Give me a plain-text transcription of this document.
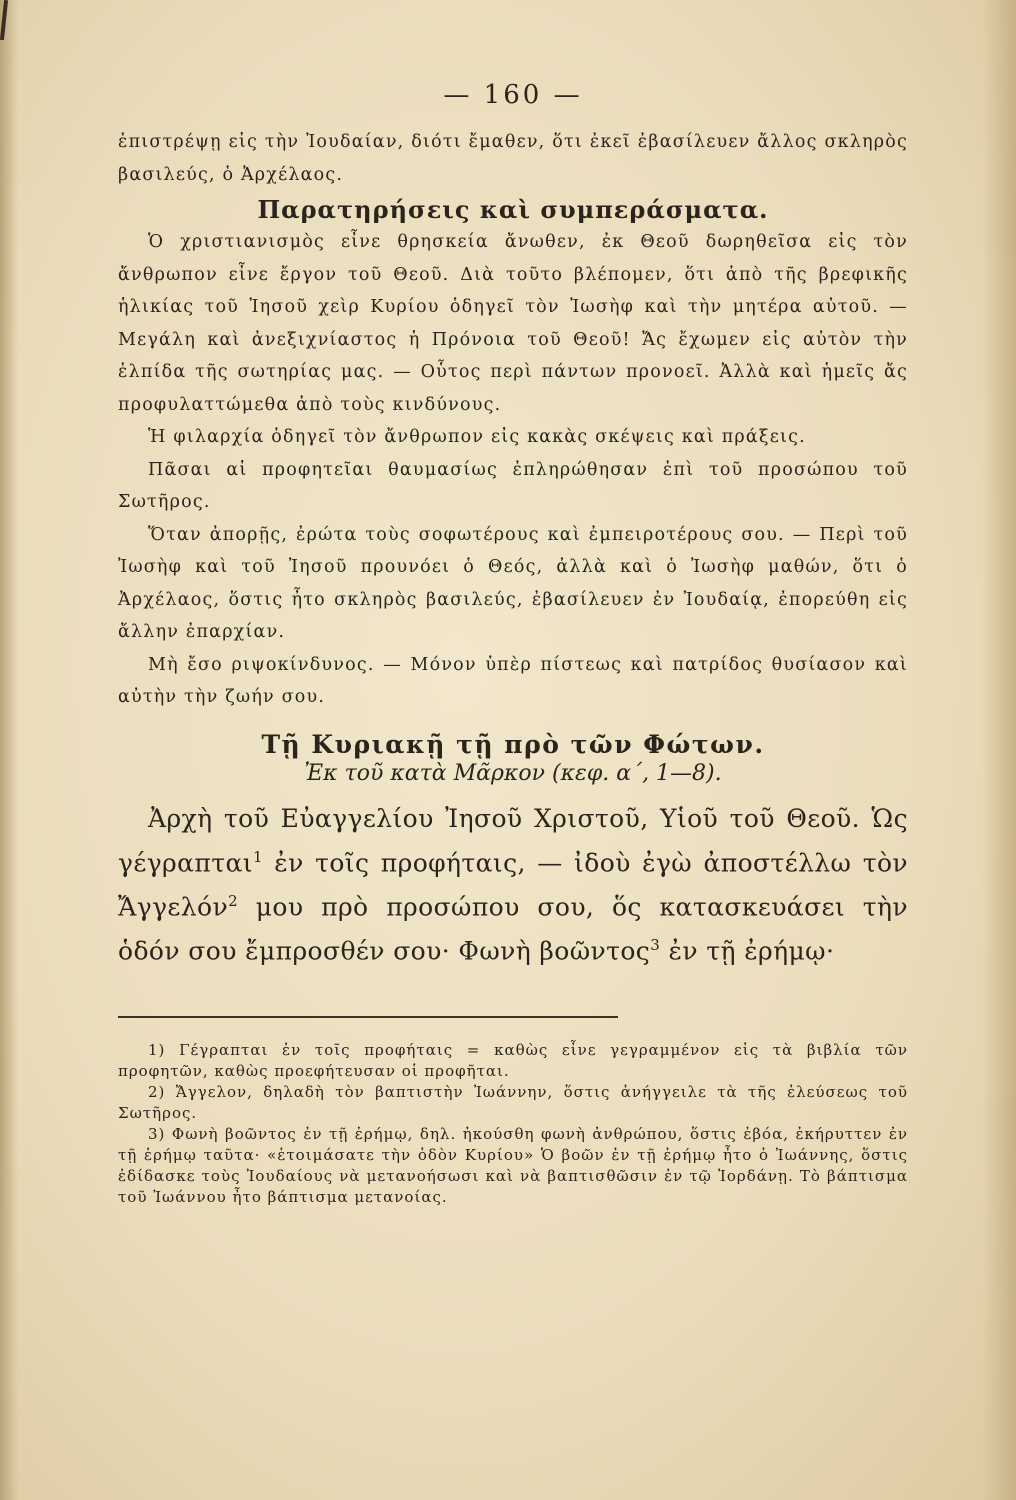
— 160 —

ἐπιστρέψῃ εἰς τὴν Ἰουδαίαν, διότι ἔμαθεν, ὅτι ἐκεῖ ἐβασίλευεν ἄλλος σκληρὸς βασιλεύς, ὁ Ἀρχέλαος.

Παρατηρήσεις καὶ συμπεράσματα.

Ὁ χριστιανισμὸς εἶνε θρησκεία ἄνωθεν, ἐκ Θεοῦ δωρηθεῖσα εἰς τὸν ἄνθρωπον εἶνε ἔργον τοῦ Θεοῦ. Διὰ τοῦτο βλέπομεν, ὅτι ἀπὸ τῆς βρεφικῆς ἡλικίας τοῦ Ἰησοῦ χεὶρ Κυρίου ὁδηγεῖ τὸν Ἰωσὴφ καὶ τὴν μητέρα αὐτοῦ. — Μεγάλη καὶ ἀνεξιχνίαστος ἡ Πρόνοια τοῦ Θεοῦ! Ἄς ἔχωμεν εἰς αὐτὸν τὴν ἐλπίδα τῆς σωτηρίας μας. — Οὗτος περὶ πάντων προνοεῖ. Ἀλλὰ καὶ ἡμεῖς ἄς προφυλαττώμεθα ἀπὸ τοὺς κινδύνους.

Ἡ φιλαρχία ὁδηγεῖ τὸν ἄνθρωπον εἰς κακὰς σκέψεις καὶ πράξεις.

Πᾶσαι αἱ προφητεῖαι θαυμασίως ἐπληρώθησαν ἐπὶ τοῦ προσώπου τοῦ Σωτῆρος.

Ὅταν ἀπορῇς, ἐρώτα τοὺς σοφωτέρους καὶ ἐμπειροτέρους σου. — Περὶ τοῦ Ἰωσὴφ καὶ τοῦ Ἰησοῦ προυνόει ὁ Θεός, ἀλλὰ καὶ ὁ Ἰωσὴφ μαθών, ὅτι ὁ Ἀρχέλαος, ὅστις ἦτο σκληρὸς βασιλεύς, ἐβασίλευεν ἐν Ἰουδαίᾳ, ἐπορεύθη εἰς ἄλλην ἐπαρχίαν.

Μὴ ἔσο ριψοκίνδυνος. — Μόνον ὑπὲρ πίστεως καὶ πατρίδος θυσίασον καὶ αὐτὴν τὴν ζωήν σου.

Τῇ Κυριακῇ τῇ πρὸ τῶν Φώτων.
Ἐκ τοῦ κατὰ Μᾶρκον (κεφ. α΄, 1—8).

Ἀρχὴ τοῦ Εὐαγγελίου Ἰησοῦ Χριστοῦ, Υἱοῦ τοῦ Θεοῦ. Ὡς γέγραπται$^1$ ἐν τοῖς προφήταις, — ἰδοὺ ἐγὼ ἀποστέλλω τὸν Ἄγγελόν$^2$ μου πρὸ προσώπου σου, ὅς κατασκευάσει τὴν ὁδόν σου ἔμπροσθέν σου· Φωνὴ βοῶντος$^3$ ἐν τῇ ἐρήμῳ·

1) Γέγραπται ἐν τοῖς προφήταις = καθὼς εἶνε γεγραμμένον εἰς τὰ βιβλία τῶν προφητῶν, καθὼς προεφήτευσαν οἱ προφῆται.

2) Ἄγγελον, δηλαδὴ τὸν βαπτιστὴν Ἰωάννην, ὅστις ἀνήγγειλε τὰ τῆς ἐλεύσεως τοῦ Σωτῆρος.

3) Φωνὴ βοῶντος ἐν τῇ ἐρήμῳ, δηλ. ἠκούσθη φωνὴ ἀνθρώπου, ὅστις ἐβόα, ἐκήρυττεν ἐν τῇ ἐρήμῳ ταῦτα· «ἑτοιμάσατε τὴν ὁδὸν Κυρίου» Ὁ βοῶν ἐν τῇ ἐρήμῳ ἦτο ὁ Ἰωάννης, ὅστις ἐδίδασκε τοὺς Ἰουδαίους νὰ μετανοήσωσι καὶ νὰ βαπτισθῶσιν ἐν τῷ Ἰορδάνῃ. Τὸ βάπτισμα τοῦ Ἰωάννου ἦτο βάπτισμα μετανοίας.
